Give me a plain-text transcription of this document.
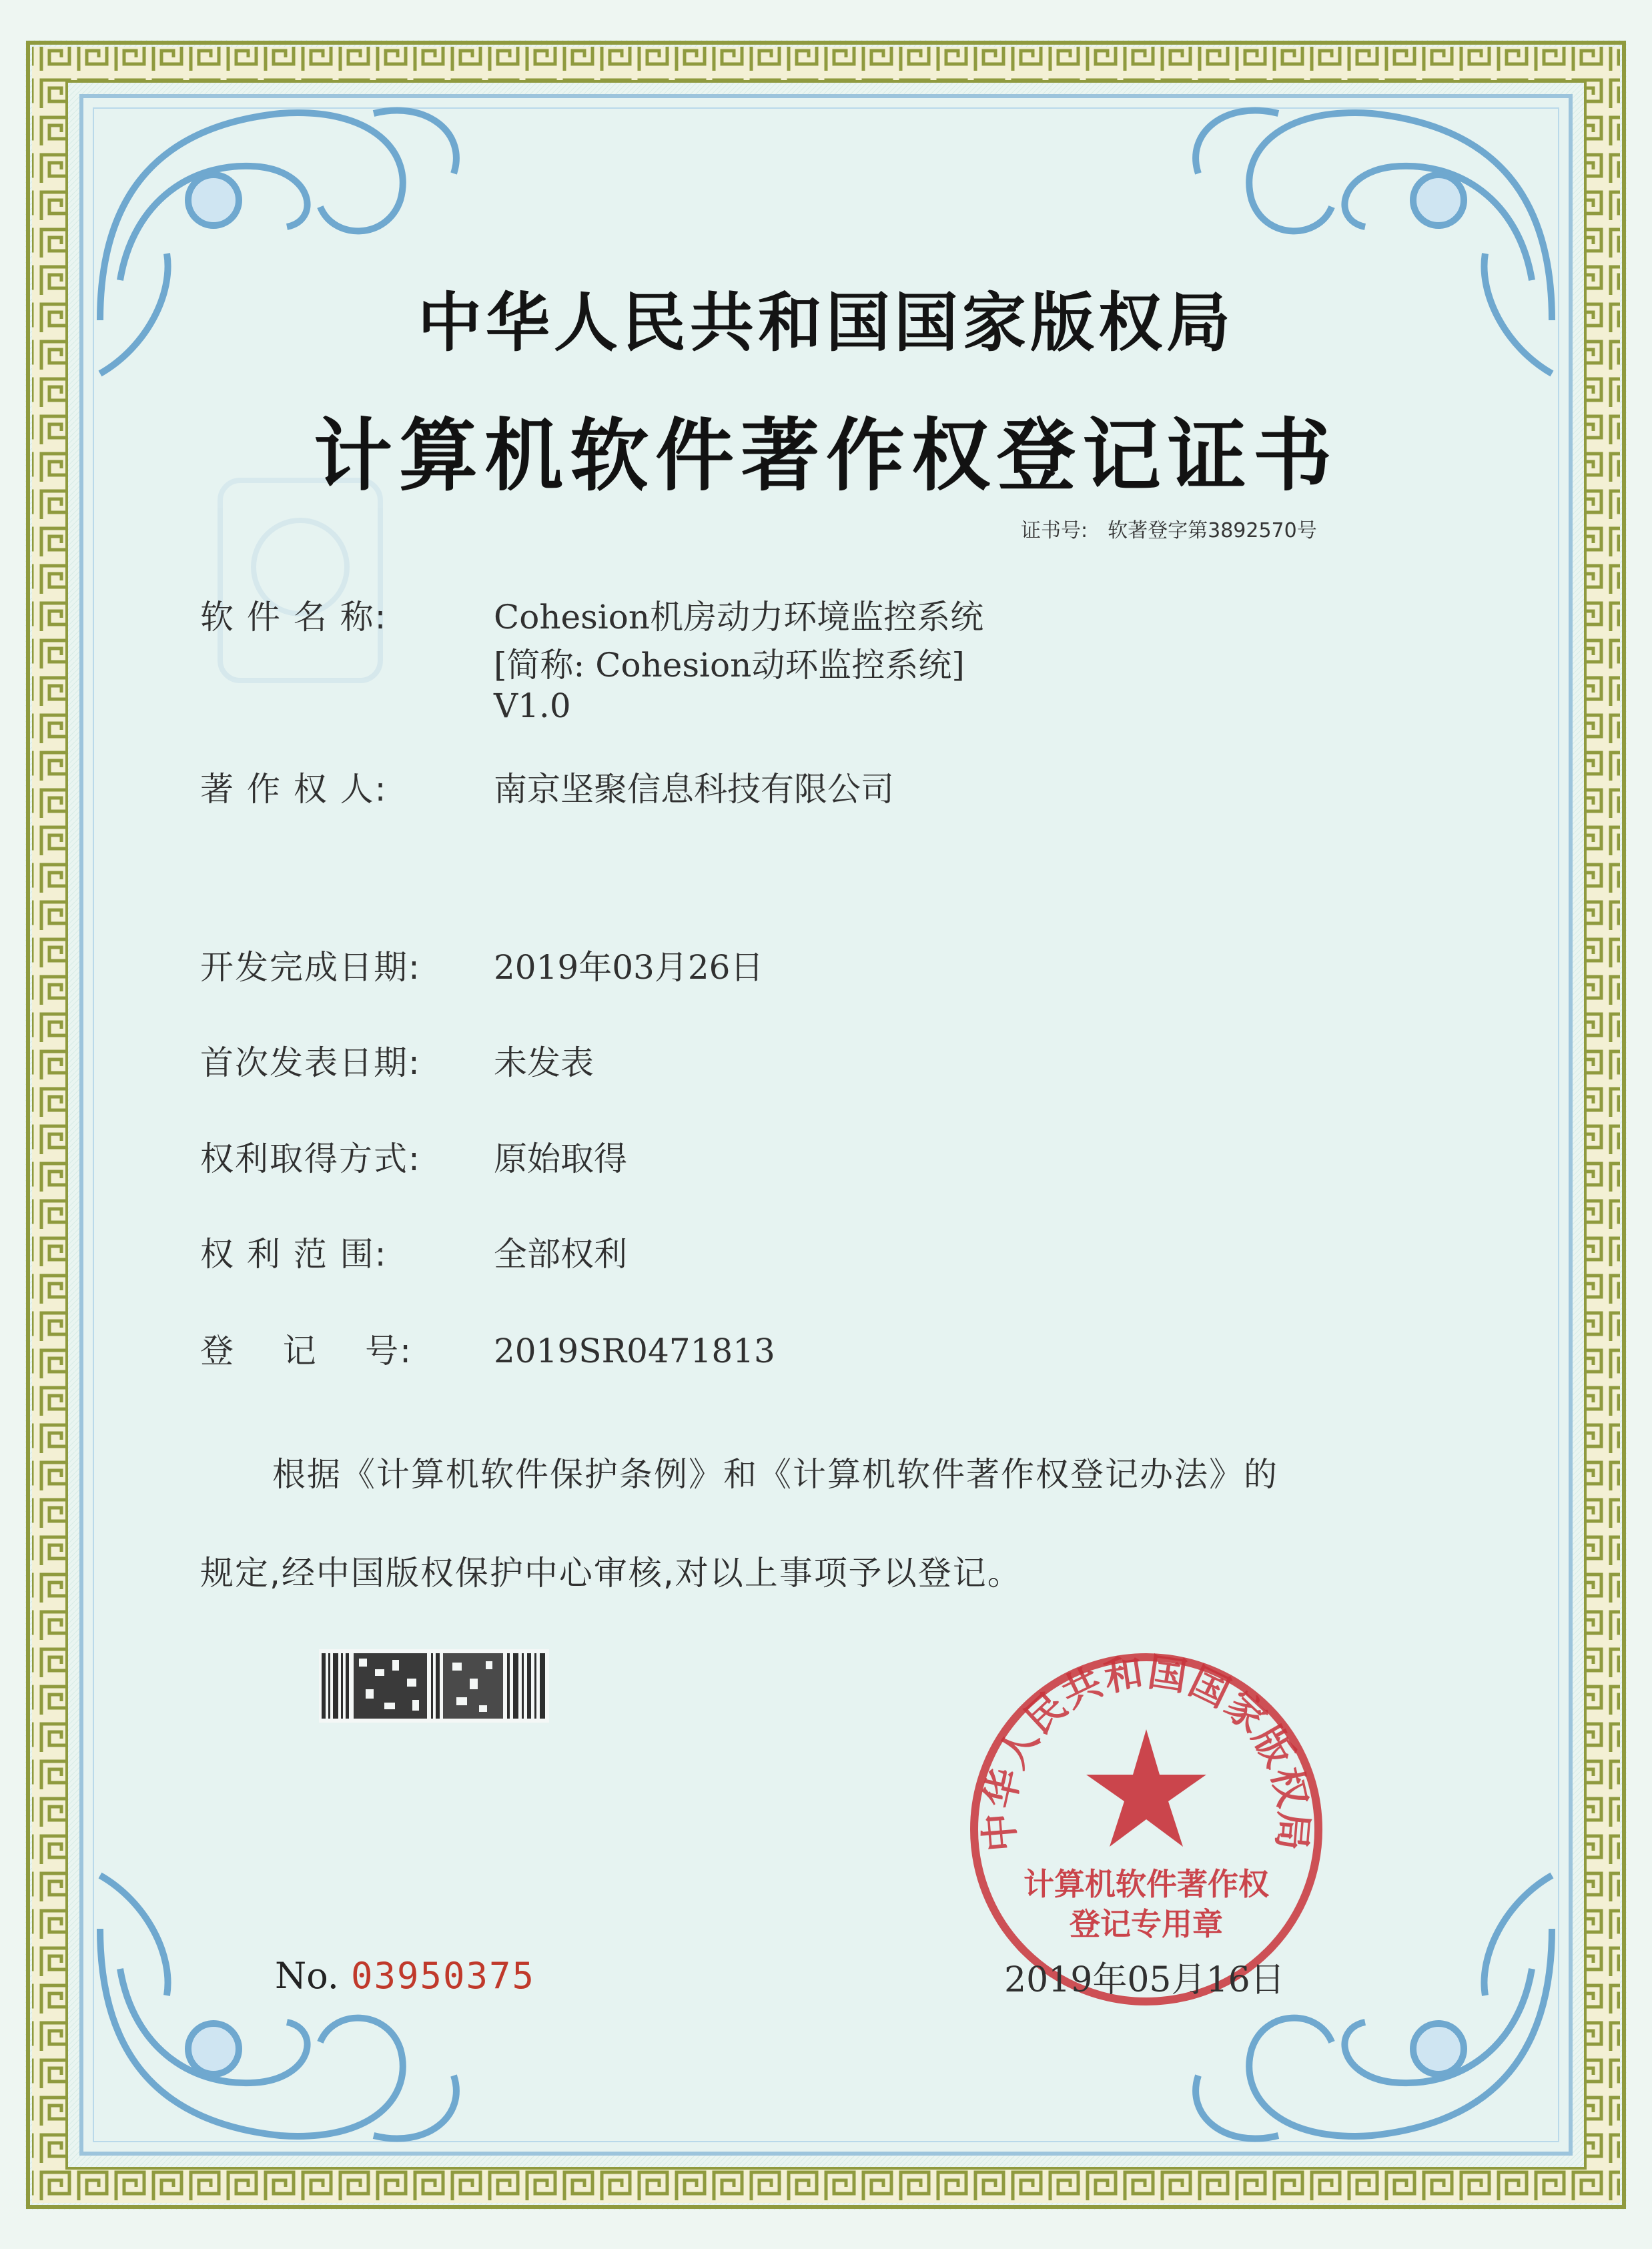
中华人民共和国国家版权局
计算机软件著作权登记证书
证书号: 软著登字第3892570号
软 件 名 称:	Cohesion机房动力环境监控系统
[简称: Cohesion动环监控系统]
V1.0
著 作 权 人:	南京坚聚信息科技有限公司
开发完成日期: 2019年03月26日
首次发表日期: 未发表
权利取得方式: 原始取得
权 利 范 围:	全部权利
登    记    号: 2019SR0471813
根据《计算机软件保护条例》和《计算机软件著作权登记办法》的
规定,经中国版权保护中心审核,对以上事项予以登记。
中华人民共和国国家版权局
计算机软件著作权
登记专用章
No. 03950375	2019年05月16日
